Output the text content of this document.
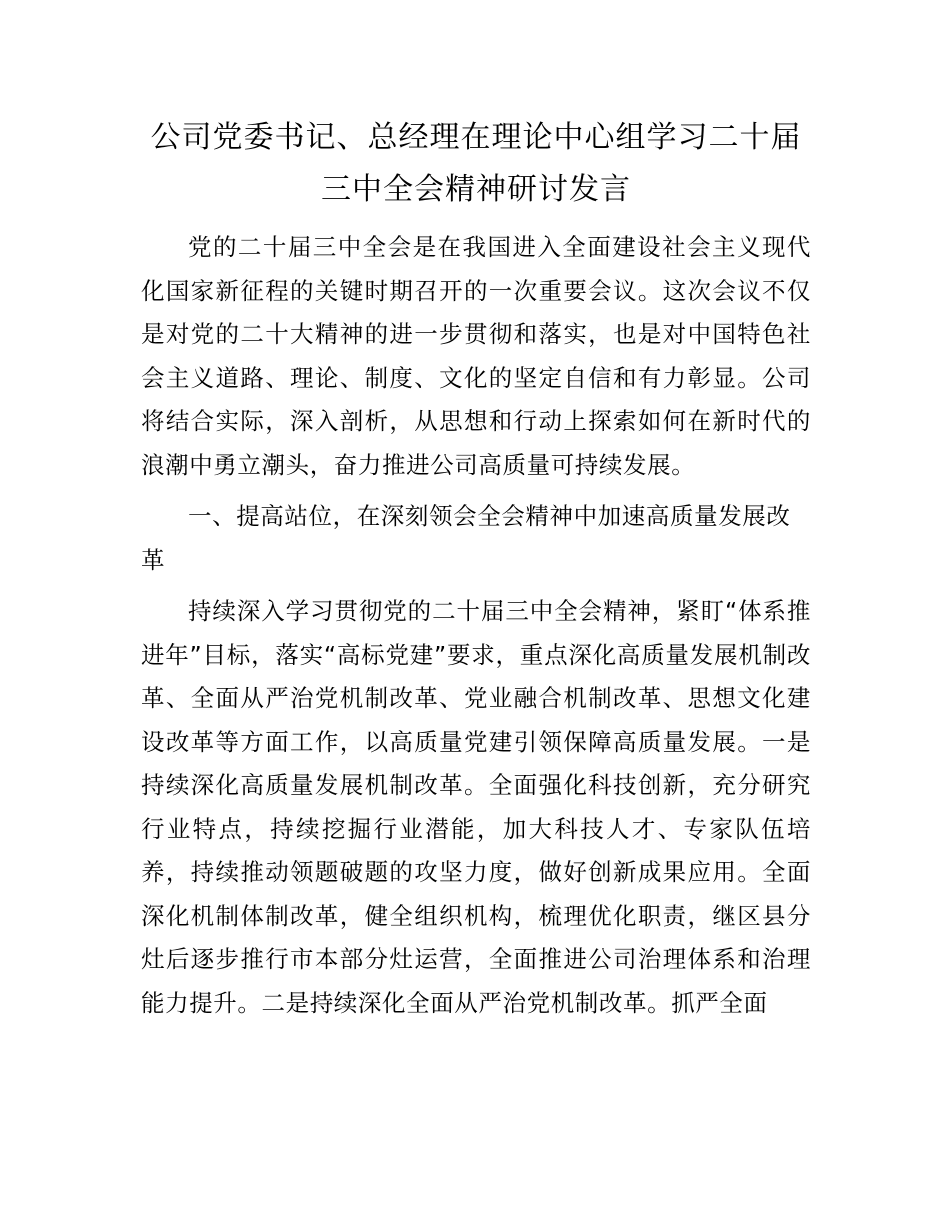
公司党委书记、总经理在理论中心组学习二十届三中全会精神研讨发言

党的二十届三中全会是在我国进入全面建设社会主义现代化国家新征程的关键时期召开的一次重要会议。这次会议不仅是对党的二十大精神的进一步贯彻和落实，也是对中国特色社会主义道路、理论、制度、文化的坚定自信和有力彰显。公司将结合实际，深入剖析，从思想和行动上探索如何在新时代的浪潮中勇立潮头，奋力推进公司高质量可持续发展。

一、提高站位，在深刻领会全会精神中加速高质量发展改革

持续深入学习贯彻党的二十届三中全会精神，紧盯“体系推进年”目标，落实“高标党建”要求，重点深化高质量发展机制改革、全面从严治党机制改革、党业融合机制改革、思想文化建设改革等方面工作，以高质量党建引领保障高质量发展。一是持续深化高质量发展机制改革。全面强化科技创新，充分研究行业特点，持续挖掘行业潜能，加大科技人才、专家队伍培养，持续推动领题破题的攻坚力度，做好创新成果应用。全面深化机制体制改革，健全组织机构，梳理优化职责，继区县分灶后逐步推行市本部分灶运营，全面推进公司治理体系和治理能力提升。二是持续深化全面从严治党机制改革。抓严全面
